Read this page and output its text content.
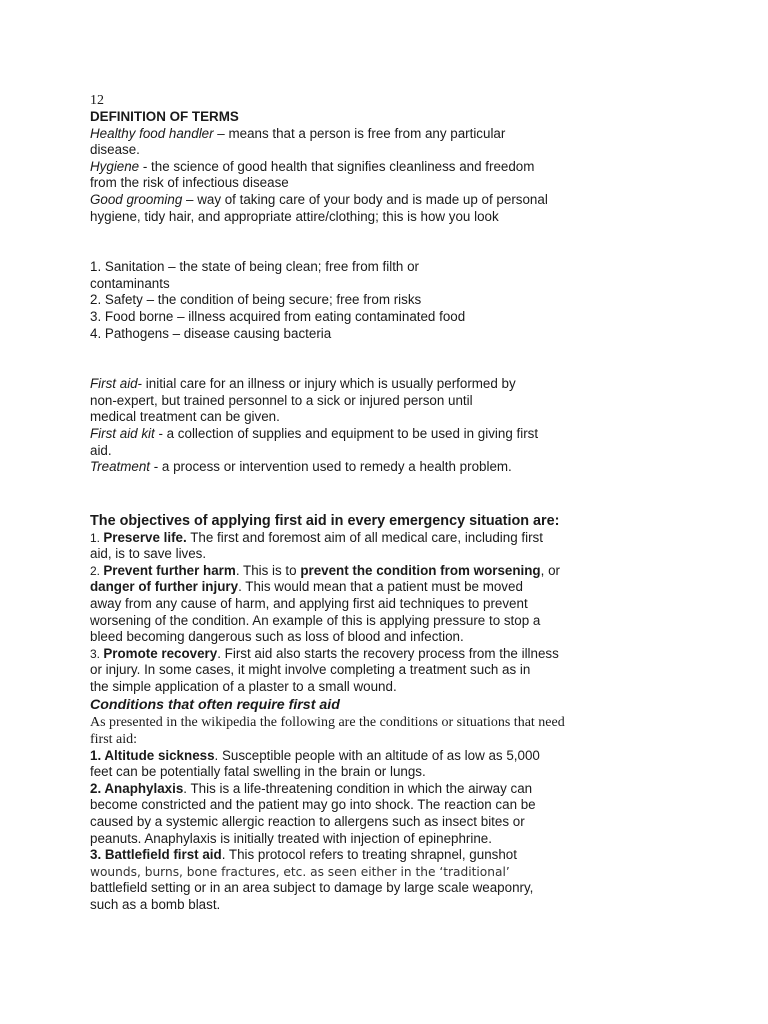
12
DEFINITION OF TERMS
Healthy food handler – means that a person is free from any particular
disease.
Hygiene - the science of good health that signifies cleanliness and freedom
from the risk of infectious disease
Good grooming – way of taking care of your body and is made up of personal
hygiene, tidy hair, and appropriate attire/clothing; this is how you look
1. Sanitation – the state of being clean; free from filth or
contaminants
2. Safety – the condition of being secure; free from risks
3. Food borne – illness acquired from eating contaminated food
4. Pathogens – disease causing bacteria
First aid- initial care for an illness or injury which is usually performed by
non-expert, but trained personnel to a sick or injured person until
medical treatment can be given.
First aid kit - a collection of supplies and equipment to be used in giving first
aid.
Treatment - a process or intervention used to remedy a health problem.
The objectives of applying first aid in every emergency situation are:
1. Preserve life. The first and foremost aim of all medical care, including first
aid, is to save lives.
2. Prevent further harm. This is to prevent the condition from worsening, or
danger of further injury. This would mean that a patient must be moved
away from any cause of harm, and applying first aid techniques to prevent
worsening of the condition. An example of this is applying pressure to stop a
bleed becoming dangerous such as loss of blood and infection.
3. Promote recovery. First aid also starts the recovery process from the illness
or injury. In some cases, it might involve completing a treatment such as in
the simple application of a plaster to a small wound.
Conditions that often require first aid
As presented in the wikipedia the following are the conditions or situations that need
first aid:
1. Altitude sickness. Susceptible people with an altitude of as low as 5,000
feet can be potentially fatal swelling in the brain or lungs.
2. Anaphylaxis. This is a life-threatening condition in which the airway can
become constricted and the patient may go into shock. The reaction can be
caused by a systemic allergic reaction to allergens such as insect bites or
peanuts. Anaphylaxis is initially treated with injection of epinephrine.
3. Battlefield first aid. This protocol refers to treating shrapnel, gunshot
wounds, burns, bone fractures, etc. as seen either in the ‘traditional’
battlefield setting or in an area subject to damage by large scale weaponry,
such as a bomb blast.
